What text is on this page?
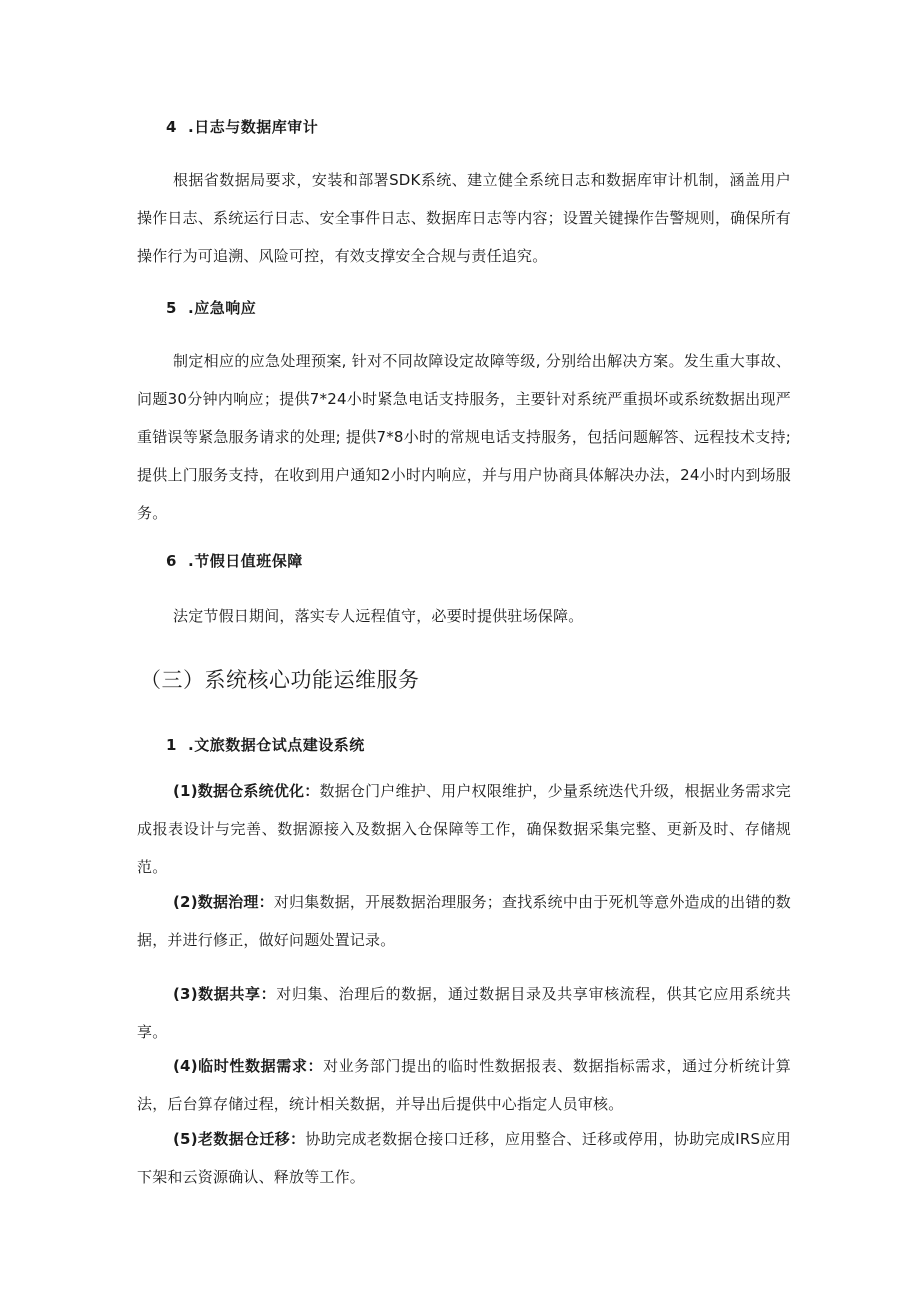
4 .日志与数据库审计

根据省数据局要求，安装和部署SDK系统、建立健全系统日志和数据库审计机制，涵盖用户操作日志、系统运行日志、安全事件日志、数据库日志等内容；设置关键操作告警规则，确保所有操作行为可追溯、风险可控，有效支撑安全合规与责任追究。

5 .应急响应

制定相应的应急处理预案, 针对不同故障设定故障等级, 分别给出解决方案。发生重大事故、问题30分钟内响应；提供7*24小时紧急电话支持服务，主要针对系统严重损坏或系统数据出现严重错误等紧急服务请求的处理; 提供7*8小时的常规电话支持服务，包括问题解答、远程技术支持; 提供上门服务支持，在收到用户通知2小时内响应，并与用户协商具体解决办法，24小时内到场服务。

6 .节假日值班保障
法定节假日期间，落实专人远程值守，必要时提供驻场保障。
（三）系统核心功能运维服务
1 .文旅数据仓试点建设系统

(1)数据仓系统优化：数据仓门户维护、用户权限维护，少量系统迭代升级，根据业务需求完成报表设计与完善、数据源接入及数据入仓保障等工作，确保数据采集完整、更新及时、存储规范。

(2)数据治理：对归集数据，开展数据治理服务；查找系统中由于死机等意外造成的出错的数据，并进行修正，做好问题处置记录。

(3)数据共享：对归集、治理后的数据，通过数据目录及共享审核流程，供其它应用系统共享。

(4)临时性数据需求：对业务部门提出的临时性数据报表、数据指标需求，通过分析统计算法，后台算存储过程，统计相关数据，并导出后提供中心指定人员审核。

(5)老数据仓迁移：协助完成老数据仓接口迁移，应用整合、迁移或停用，协助完成IRS应用下架和云资源确认、释放等工作。
